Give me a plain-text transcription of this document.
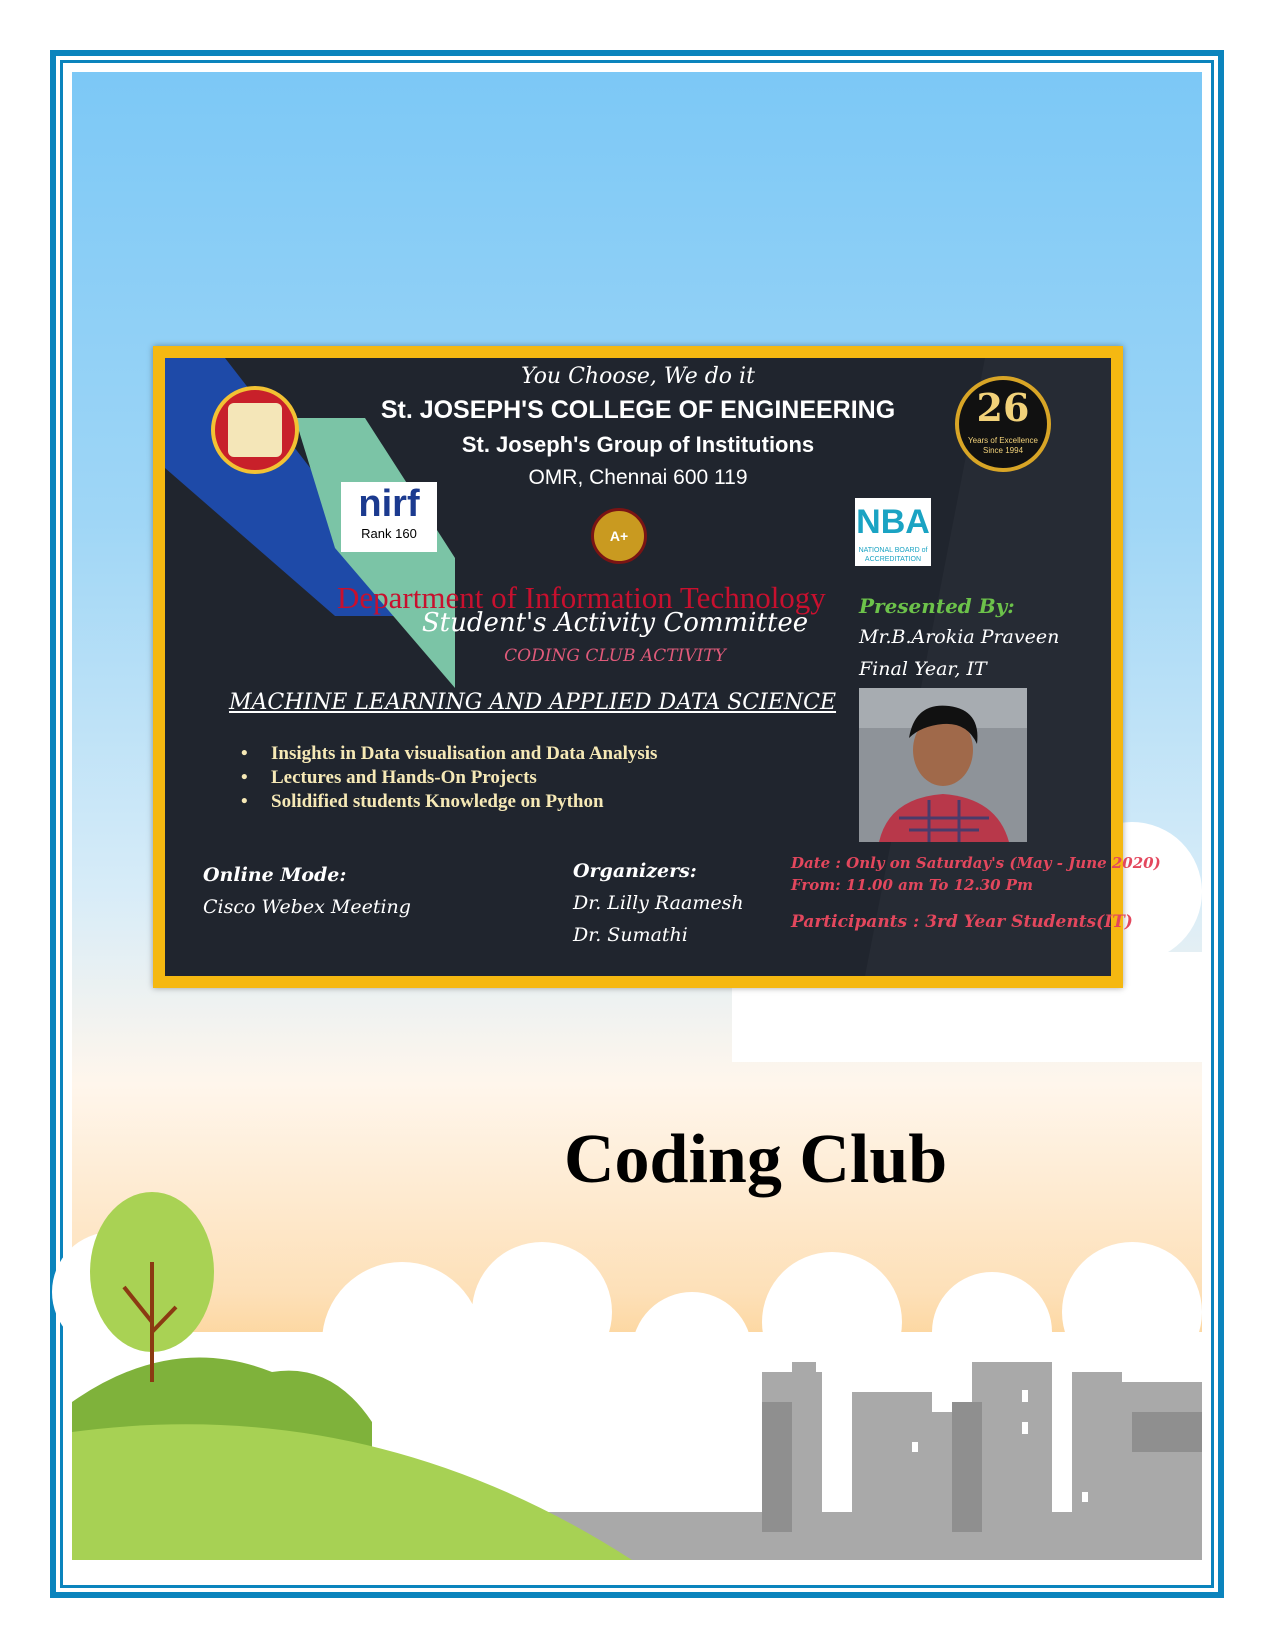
26
Years of Excellence
Since 1994
You Choose, We do it
St. JOSEPH'S COLLEGE OF ENGINEERING
St. Joseph's Group of Institutions
OMR, Chennai 600 119
nirf
Rank 160	A+	NBA
NATIONAL BOARD of ACCREDITATION
Department of Information Technology
Student's Activity Committee
CODING CLUB ACTIVITY
MACHINE LEARNING AND APPLIED DATA SCIENCE
• Insights in Data visualisation and Data Analysis
• Lectures and Hands-On Projects
• Solidified students Knowledge on Python
Online Mode:
Cisco Webex Meeting
Organizers:
Dr. Lilly Raamesh
Dr. Sumathi
Presented By:
Mr.B.Arokia Praveen
Final Year, IT
Date : Only on Saturday's (May - June 2020)
From: 11.00 am To 12.30 Pm
Participants : 3rd Year Students(IT)
Coding Club
